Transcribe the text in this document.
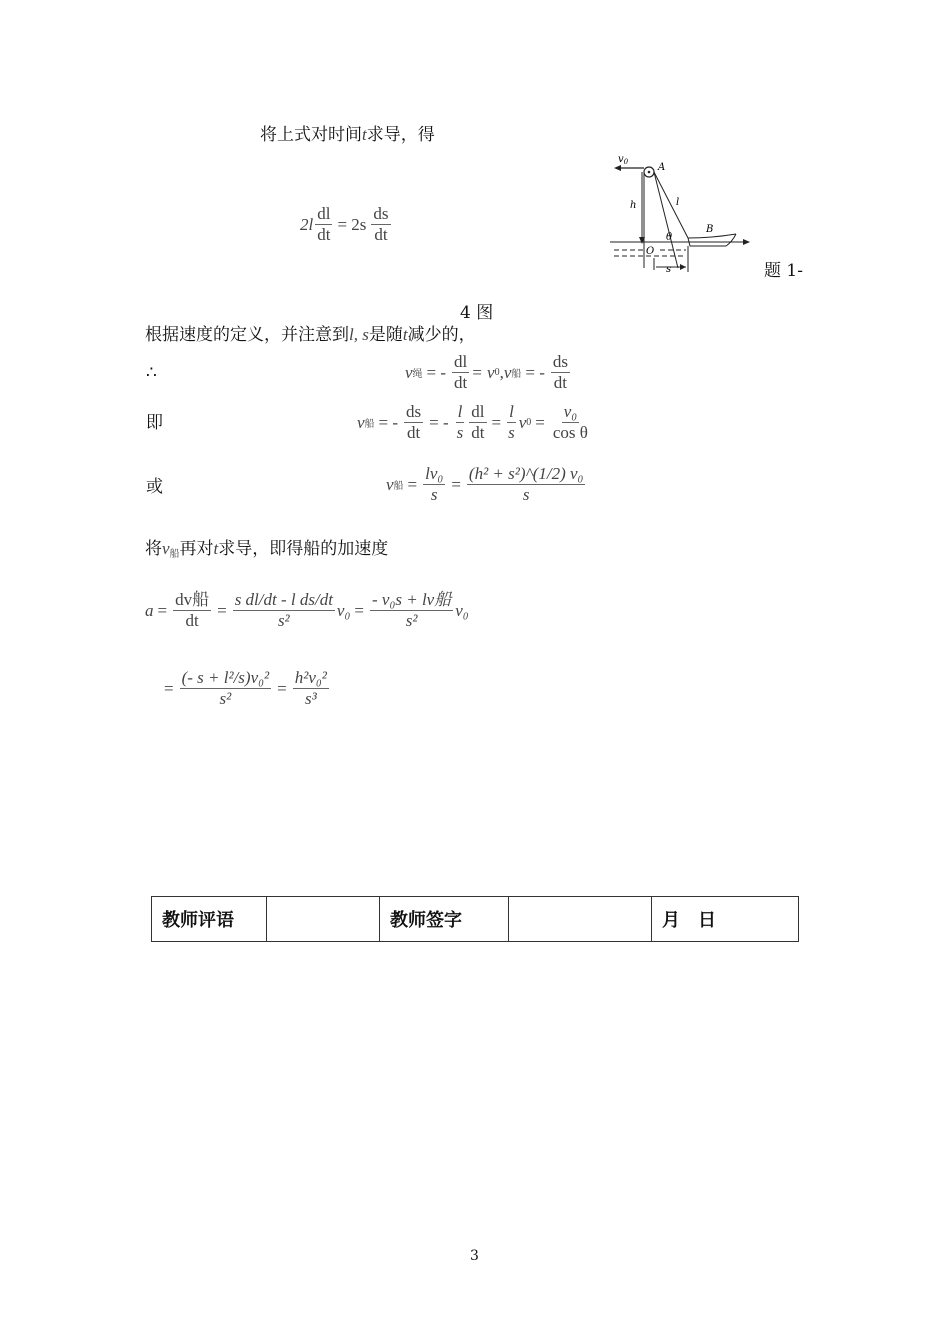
将上式对时间t求导，得
$2l \frac{dl}{dt} = 2s \frac{ds}{dt}$
$v_0$	A
h	l
θ
B
O
s	题 1-
4 图
根据速度的定义，并注意到l, s是随t减少的，
∴	v 绳 = - $\frac{dl}{dt} = v$ 0 , v 船 = - $\frac{ds}{dt}$
即	v 船 = - $\frac{ds}{dt}$ = - $\frac{l}{s} \frac{dl}{dt} = \frac{l}{s}$ v $0 = \frac{\text{v₀}}{\text{cos θ}}$
或	v 船 = $\frac{\text{lv₀}}{s} = \frac{\text{(h² + s²)\textasciicircum{}(1/2) v₀}}{s}$
将$v_船$再对t求导，即得船的加速度
$a = \frac{\text{dv船}}{dt} = \frac{\text{s dl/dt - l ds/dt}}{\text{s²}} v_0 = \frac{\text{- v₀s + lv船}}{\text{s²}} v_0$
= $\frac{\text{(- s + l²/s)v₀²}}{\text{s²}} = \frac{\text{h²v₀²}}{\text{s³}}$
教师评语		教师签字		月　日
3
